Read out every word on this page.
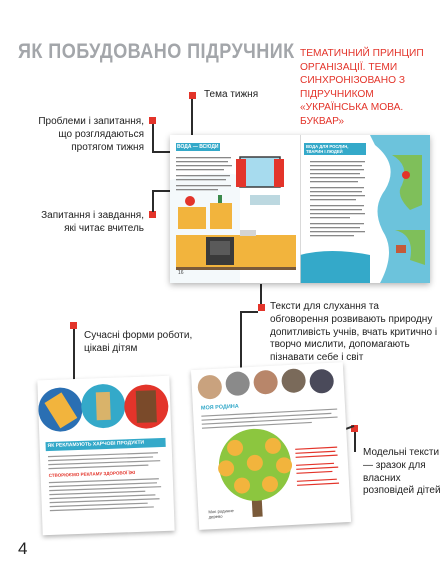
ЯК ПОБУДОВАНО ПІДРУЧНИК ТЕМАТИЧНИЙ ПРИНЦИП ОРГАНІЗАЦІЇ. ТЕМИ СИНХРОНІЗОВАНО З ПІДРУЧНИКОМ «УКРАЇНСЬКА МОВА. БУКВАР»
Тема тижня
Проблеми і запитання, що розглядаються протягом тижня
Запитання і завдання, які читає вчитель
Тексти для слухання та обговорення розвивають природну допитливість учнів, вчать критично і творчо мислити, допомагають пізнавати себе і світ
Сучасні форми роботи, цікаві дітям
Модельні тексти — зразок для власних розповідей дітей
ВОДА — ВСЮДИ	ВОДА ДЛЯ РОСЛИН, ТВАРИН І ЛЮДЕЙ
16
ЯК РЕКЛАМУЮТЬ ХАРЧОВІ ПРОДУКТИ
СТВОРЮЄМО РЕКЛАМУ ЗДОРОВОЇ ЇЖІ
МОЯ РОДИНА
Моє родинне дерево
4
